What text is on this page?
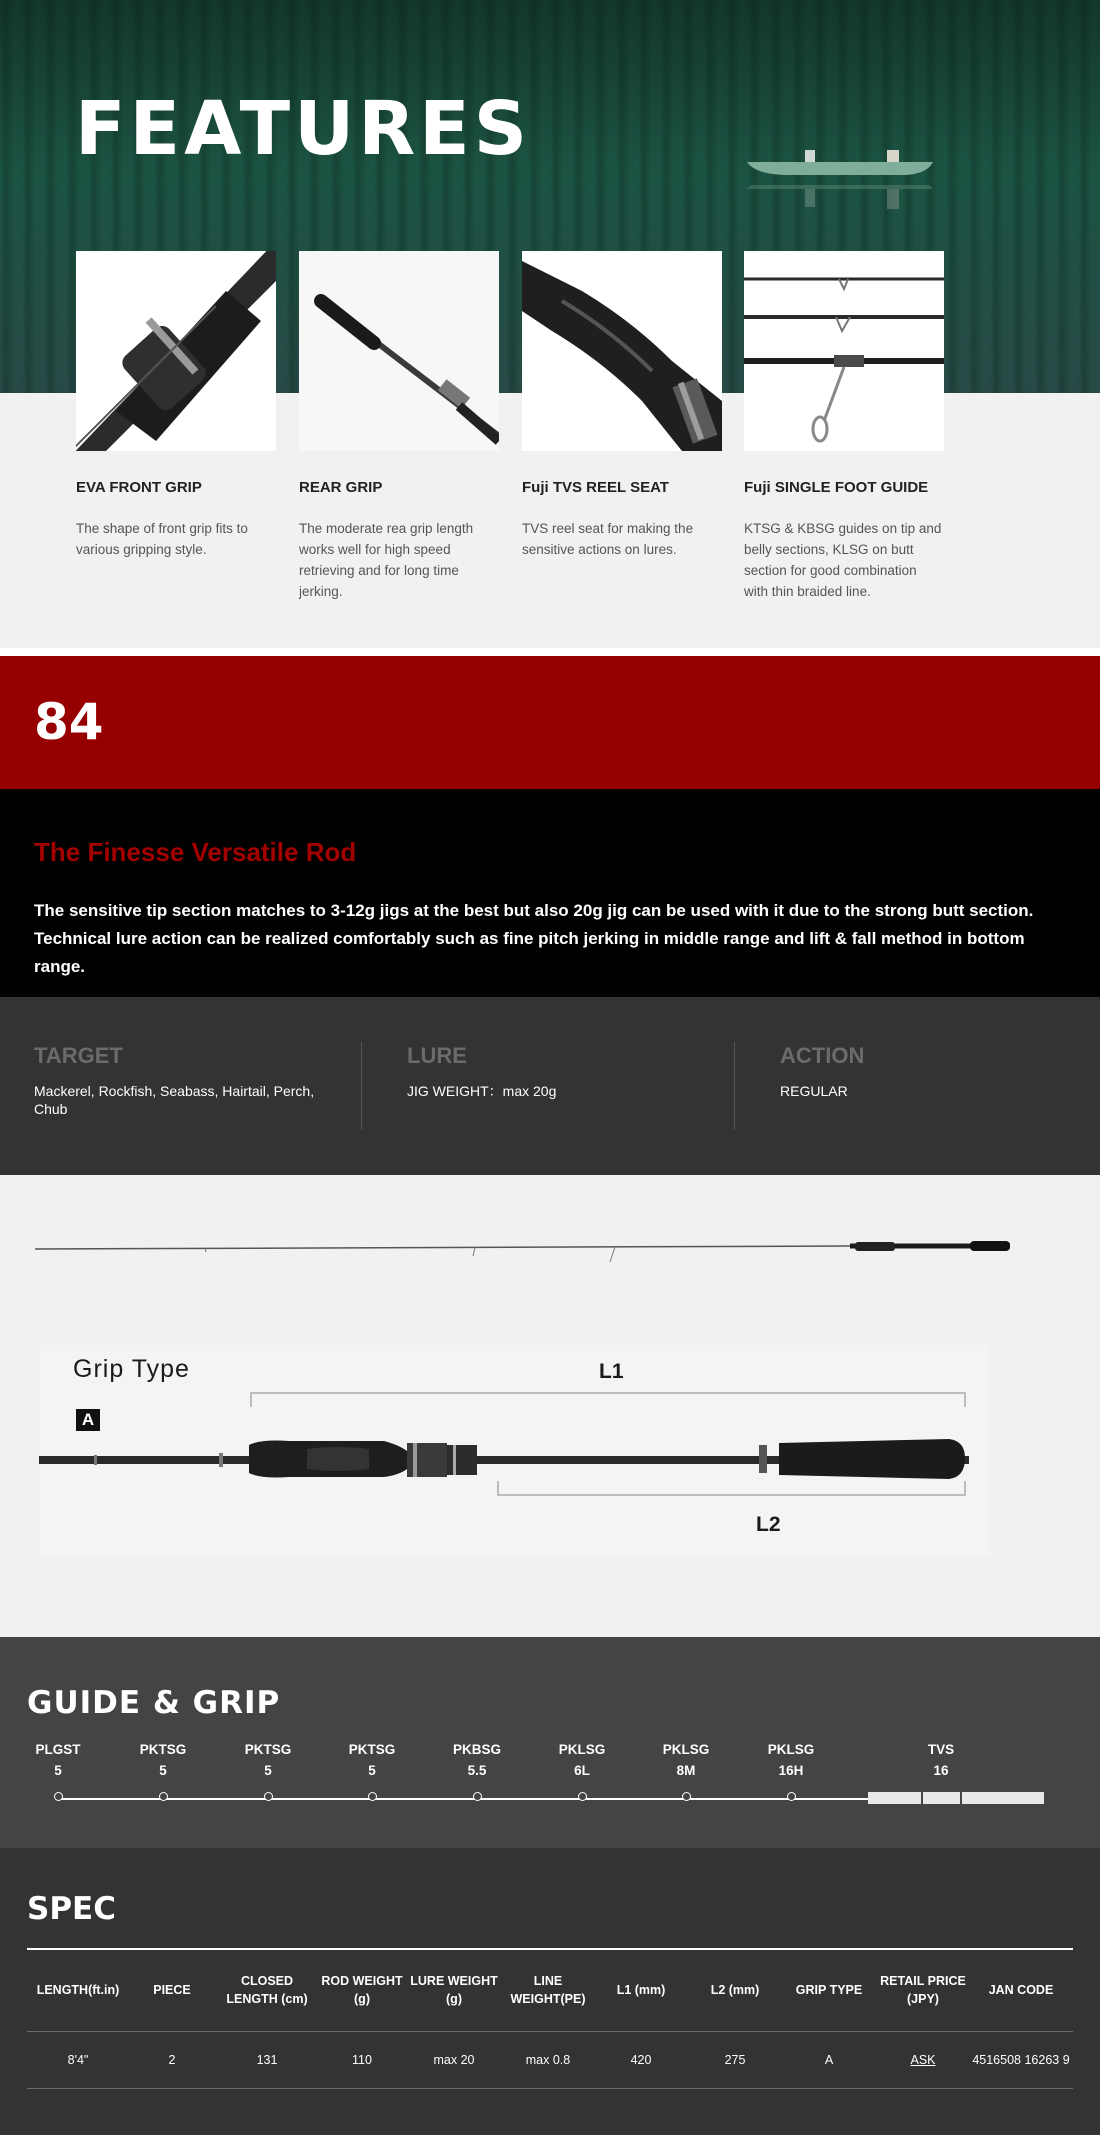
FEATURES
EVA FRONT GRIP
The shape of front grip fits to various gripping style.
REAR GRIP
The moderate rea grip length works well for high speed retrieving and for long time jerking.
Fuji TVS REEL SEAT
TVS reel seat for making the sensitive actions on lures.
Fuji SINGLE FOOT GUIDE
KTSG & KBSG guides on tip and belly sections, KLSG on butt section for good combination with thin braided line.
84
The Finesse Versatile Rod
The sensitive tip section matches to 3-12g jigs at the best but also 20g jig can be used with it due to the strong butt section. Technical lure action can be realized comfortably such as fine pitch jerking in middle range and lift & fall method in bottom range.
TARGET
Mackerel, Rockfish, Seabass, Hairtail, Perch, Chub
LURE
JIG WEIGHT：max 20g
ACTION
REGULAR
Grip Type
A
L1
L2
GUIDE & GRIP
PLGST
5
PKTSG
5
PKTSG
5
PKTSG
5
PKBSG
5.5
PKLSG
6L
PKLSG
8M
PKLSG
16H
TVS
16
SPEC
LENGTH(ft.in)	PIECE	CLOSED LENGTH (cm)	ROD WEIGHT (g)	LURE WEIGHT (g)	LINE WEIGHT(PE)	L1 (mm)	L2 (mm)	GRIP TYPE	RETAIL PRICE (JPY)	JAN CODE
8'4"	2	131	110	max 20	max 0.8	420	275	A	ASK	4516508 16263 9
